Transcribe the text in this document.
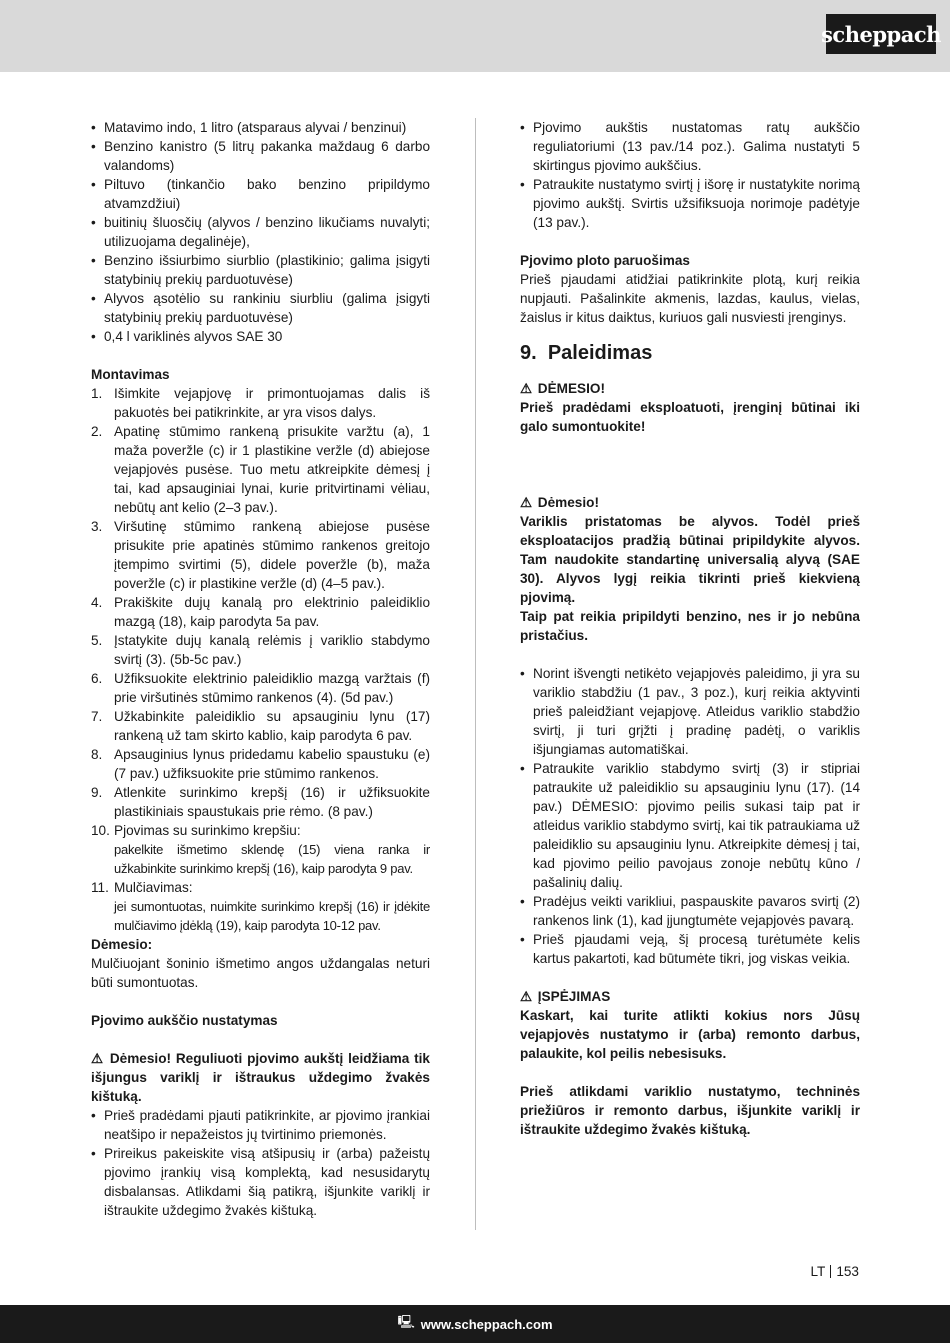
scheppach
• Matavimo indo, 1 litro (atsparaus alyvai / benzinui)
• Benzino kanistro (5 litrų pakanka maždaug 6 darbo valandoms)
• Piltuvo (tinkančio bako benzino pripildymo atvamzdžiui)
• buitinių šluosčių (alyvos / benzino likučiams nuvalyti; utilizuojama degalinėje),
• Benzino išsiurbimo siurblio (plastikinio; galima įsigyti statybinių prekių parduotuvėse)
• Alyvos ąsotėlio su rankiniu siurbliu (galima įsigyti statybinių prekių parduotuvėse)
• 0,4 l variklinės alyvos SAE 30
Montavimas
1. Išimkite vejapjovę ir primontuojamas dalis iš pakuotės bei patikrinkite, ar yra visos dalys.
2. Apatinę stūmimo rankeną prisukite varžtu (a), 1 maža poveržle (c) ir 1 plastikine veržle (d) abiejose vejapjovės pusėse. Tuo metu atkreipkite dėmesį į tai, kad apsauginiai lynai, kurie pritvirtinami vėliau, nebūtų ant kelio (2–3 pav.).
3. Viršutinę stūmimo rankeną abiejose pusėse prisukite prie apatinės stūmimo rankenos greitojo įtempimo svirtimi (5), didele poveržle (b), maža poveržle (c) ir plastikine veržle (d) (4–5 pav.).
4. Prakiškite dujų kanalą pro elektrinio paleidiklio mazgą (18), kaip parodyta 5a pav.
5. Įstatykite dujų kanalą relėmis į variklio stabdymo svirtį (3). (5b-5c pav.)
6. Užfiksuokite elektrinio paleidiklio mazgą varžtais (f) prie viršutinės stūmimo rankenos (4). (5d pav.)
7. Užkabinkite paleidiklio su apsauginiu lynu (17) rankeną už tam skirto kablio, kaip parodyta 6 pav.
8. Apsauginius lynus pridedamu kabelio spaustuku (e) (7 pav.) užfiksuokite prie stūmimo rankenos.
9. Atlenkite surinkimo krepšį (16) ir užfiksuokite plastikiniais spaustukais prie rėmo. (8 pav.)
10. Pjovimas su surinkimo krepšiu:
pakelkite išmetimo sklendę (15) viena ranka ir užkabinkite surinkimo krepšį (16), kaip parodyta 9 pav.
11. Mulčiavimas:
jei sumontuotas, nuimkite surinkimo krepšį (16) ir įdėkite mulčiavimo įdėklą (19), kaip parodyta 10-12 pav.
Dėmesio:
Mulčiuojant šoninio išmetimo angos uždangalas neturi būti sumontuotas.
Pjovimo aukščio nustatymas
⚠ Dėmesio! Reguliuoti pjovimo aukštį leidžiama tik išjungus variklį ir ištraukus uždegimo žvakės kištuką.
• Prieš pradėdami pjauti patikrinkite, ar pjovimo įrankiai neatšipo ir nepažeistos jų tvirtinimo priemonės.
• Prireikus pakeiskite visą atšipusių ir (arba) pažeistų pjovimo įrankių visą komplektą, kad nesusidarytų disbalansas. Atlikdami šią patikrą, išjunkite variklį ir ištraukite uždegimo žvakės kištuką.
• Pjovimo aukštis nustatomas ratų aukščio reguliatoriumi (13 pav./14 poz.). Galima nustatyti 5 skirtingus pjovimo aukščius.
• Patraukite nustatymo svirtį į išorę ir nustatykite norimą pjovimo aukštį. Svirtis užsifiksuoja norimoje padėtyje (13 pav.).
Pjovimo ploto paruošimas
Prieš pjaudami atidžiai patikrinkite plotą, kurį reikia nupjauti. Pašalinkite akmenis, lazdas, kaulus, vielas, žaislus ir kitus daiktus, kuriuos gali nusviesti įrenginys.
9. Paleidimas
⚠ DĖMESIO!
Prieš pradėdami eksploatuoti, įrenginį būtinai iki galo sumontuokite!
⚠ Dėmesio!
Variklis pristatomas be alyvos. Todėl prieš eksploatacijos pradžią būtinai pripildykite alyvos. Tam naudokite standartinę universalią alyvą (SAE 30). Alyvos lygį reikia tikrinti prieš kiekvieną pjovimą.
Taip pat reikia pripildyti benzino, nes ir jo nebūna pristačius.
• Norint išvengti netikėto vejapjovės paleidimo, ji yra su variklio stabdžiu (1 pav., 3 poz.), kurį reikia aktyvinti prieš paleidžiant vejapjovę. Atleidus variklio stabdžio svirtį, ji turi grįžti į pradinę padėtį, o variklis išjungiamas automatiškai.
• Patraukite variklio stabdymo svirtį (3) ir stipriai patraukite už paleidiklio su apsauginiu lynu (17). (14 pav.) DĖMESIO: pjovimo peilis sukasi taip pat ir atleidus variklio stabdymo svirtį, kai tik patraukiama už paleidiklio su apsauginiu lynu. Atkreipkite dėmesį į tai, kad pjovimo peilio pavojaus zonoje nebūtų kūno / pašalinių dalių.
• Pradėjus veikti varikliui, paspauskite pavaros svirtį (2) rankenos link (1), kad įjungtumėte vejapjovės pavarą.
• Prieš pjaudami veją, šį procesą turėtumėte kelis kartus pakartoti, kad būtumėte tikri, jog viskas veikia.
⚠ ĮSPĖJIMAS
Kaskart, kai turite atlikti kokius nors Jūsų vejapjovės nustatymo ir (arba) remonto darbus, palaukite, kol peilis nebesisuks.
Prieš atlikdami variklio nustatymo, techninės priežiūros ir remonto darbus, išjunkite variklį ir ištraukite uždegimo žvakės kištuką.
LT 153
🖳 www.scheppach.com
